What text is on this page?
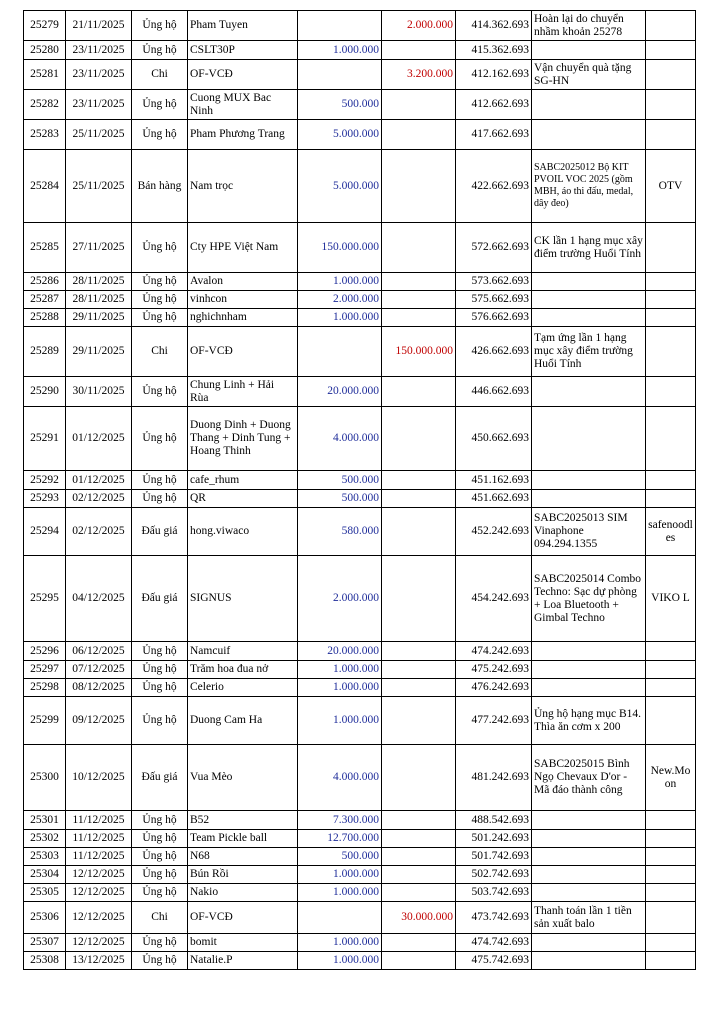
25279	21/11/2025	Ủng hộ	Pham Tuyen		2.000.000	414.362.693	Hoàn lại do chuyển nhầm khoản 25278	
25280	23/11/2025	Ủng hộ	CSLT30P	1.000.000		415.362.693		
25281	23/11/2025	Chi	OF-VCĐ		3.200.000	412.162.693	Vận chuyển quà tặng SG-HN	
25282	23/11/2025	Ủng hộ	Cuong MUX Bac Ninh	500.000		412.662.693		
25283	25/11/2025	Ủng hộ	Pham Phương Trang	5.000.000		417.662.693		
25284	25/11/2025	Bán hàng	Nam trọc	5.000.000		422.662.693	SABC2025012 Bộ KIT PVOIL VOC 2025 (gồm MBH, áo thi đấu, medal, dây đeo)	OTV
25285	27/11/2025	Ủng hộ	Cty HPE Việt Nam	150.000.000		572.662.693	CK lần 1 hạng mục xây điểm trường Huổi Tính	
25286	28/11/2025	Ủng hộ	Avalon	1.000.000		573.662.693		
25287	28/11/2025	Ủng hộ	vinhcon	2.000.000		575.662.693		
25288	29/11/2025	Ủng hộ	nghichnham	1.000.000		576.662.693		
25289	29/11/2025	Chi	OF-VCĐ		150.000.000	426.662.693	Tạm ứng lần 1 hạng mục xây điểm trường Huổi Tính	
25290	30/11/2025	Ủng hộ	Chung Linh + Hải Rùa	20.000.000		446.662.693		
25291	01/12/2025	Ủng hộ	Duong Dinh + Duong Thang + Dinh Tung + Hoang Thinh	4.000.000		450.662.693		
25292	01/12/2025	Ủng hộ	cafe_rhum	500.000		451.162.693		
25293	02/12/2025	Ủng hộ	QR	500.000		451.662.693		
25294	02/12/2025	Đấu giá	hong.viwaco	580.000		452.242.693	SABC2025013 SIM Vinaphone 094.294.1355	safenoodles
25295	04/12/2025	Đấu giá	SIGNUS	2.000.000		454.242.693	SABC2025014 Combo Techno: Sạc dự phòng + Loa Bluetooth + Gimbal Techno	VIKO L
25296	06/12/2025	Ủng hộ	Namcuif	20.000.000		474.242.693		
25297	07/12/2025	Ủng hộ	Trăm hoa đua nở	1.000.000		475.242.693		
25298	08/12/2025	Ủng hộ	Celerio	1.000.000		476.242.693		
25299	09/12/2025	Ủng hộ	Duong Cam Ha	1.000.000		477.242.693	Ủng hộ hạng mục B14. Thìa ăn cơm x 200	
25300	10/12/2025	Đấu giá	Vua Mèo	4.000.000		481.242.693	SABC2025015 Bình Ngọ Chevaux D'or - Mã đáo thành công	New.Moon
25301	11/12/2025	Ủng hộ	B52	7.300.000		488.542.693		
25302	11/12/2025	Ủng hộ	Team Pickle ball	12.700.000		501.242.693		
25303	11/12/2025	Ủng hộ	N68	500.000		501.742.693		
25304	12/12/2025	Ủng hộ	Bún Rồi	1.000.000		502.742.693		
25305	12/12/2025	Ủng hộ	Nakio	1.000.000		503.742.693		
25306	12/12/2025	Chi	OF-VCĐ		30.000.000	473.742.693	Thanh toán lần 1 tiền sản xuất balo	
25307	12/12/2025	Ủng hộ	bomit	1.000.000		474.742.693		
25308	13/12/2025	Ủng hộ	Natalie.P	1.000.000		475.742.693		
